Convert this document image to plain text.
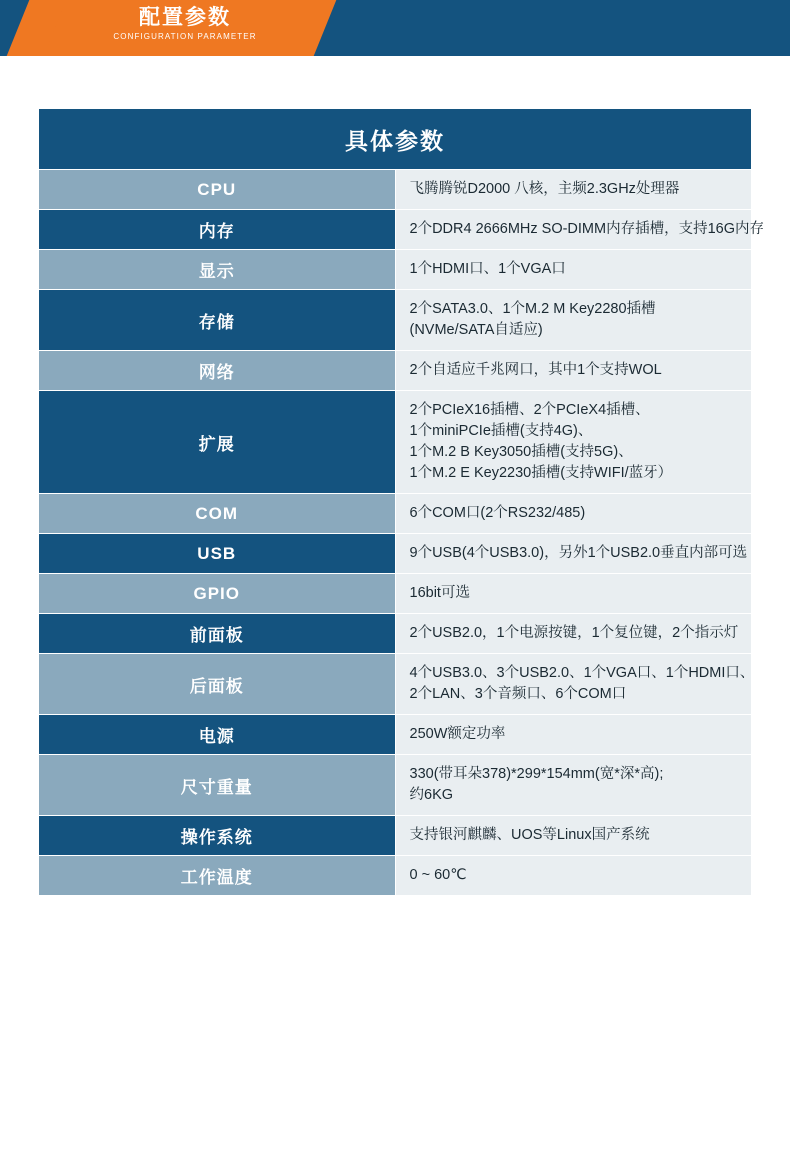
配置参数
CONFIGURATION PARAMETER
具体参数	
CPU	飞腾腾锐D2000 八核，主频2.3GHz处理器

内存	2个DDR4 2666MHz SO-DIMM内存插槽，支持16G内存

显示	1个HDMI口、1个VGA口

存储	2个SATA3.0、1个M.2 M Key2280插槽
(NVMe/SATA自适应)

网络	2个自适应千兆网口，其中1个支持WOL

扩展	2个PCIeX16插槽、2个PCIeX4插槽、
1个miniPCIe插槽(支持4G)、
1个M.2 B Key3050插槽(支持5G)、
1个M.2 E Key2230插槽(支持WIFI/蓝牙）

COM	6个COM口(2个RS232/485)

USB	9个USB(4个USB3.0)，另外1个USB2.0垂直内部可选

GPIO	16bit可选

前面板	2个USB2.0，1个电源按键，1个复位键，2个指示灯

后面板	4个USB3.0、3个USB2.0、1个VGA口、1个HDMI口、
2个LAN、3个音频口、6个COM口

电源	250W额定功率

尺寸重量	330(带耳朵378)*299*154mm(宽*深*高);
约6KG

操作系统	支持银河麒麟、UOS等Linux国产系统

工作温度	0 ~ 60℃
